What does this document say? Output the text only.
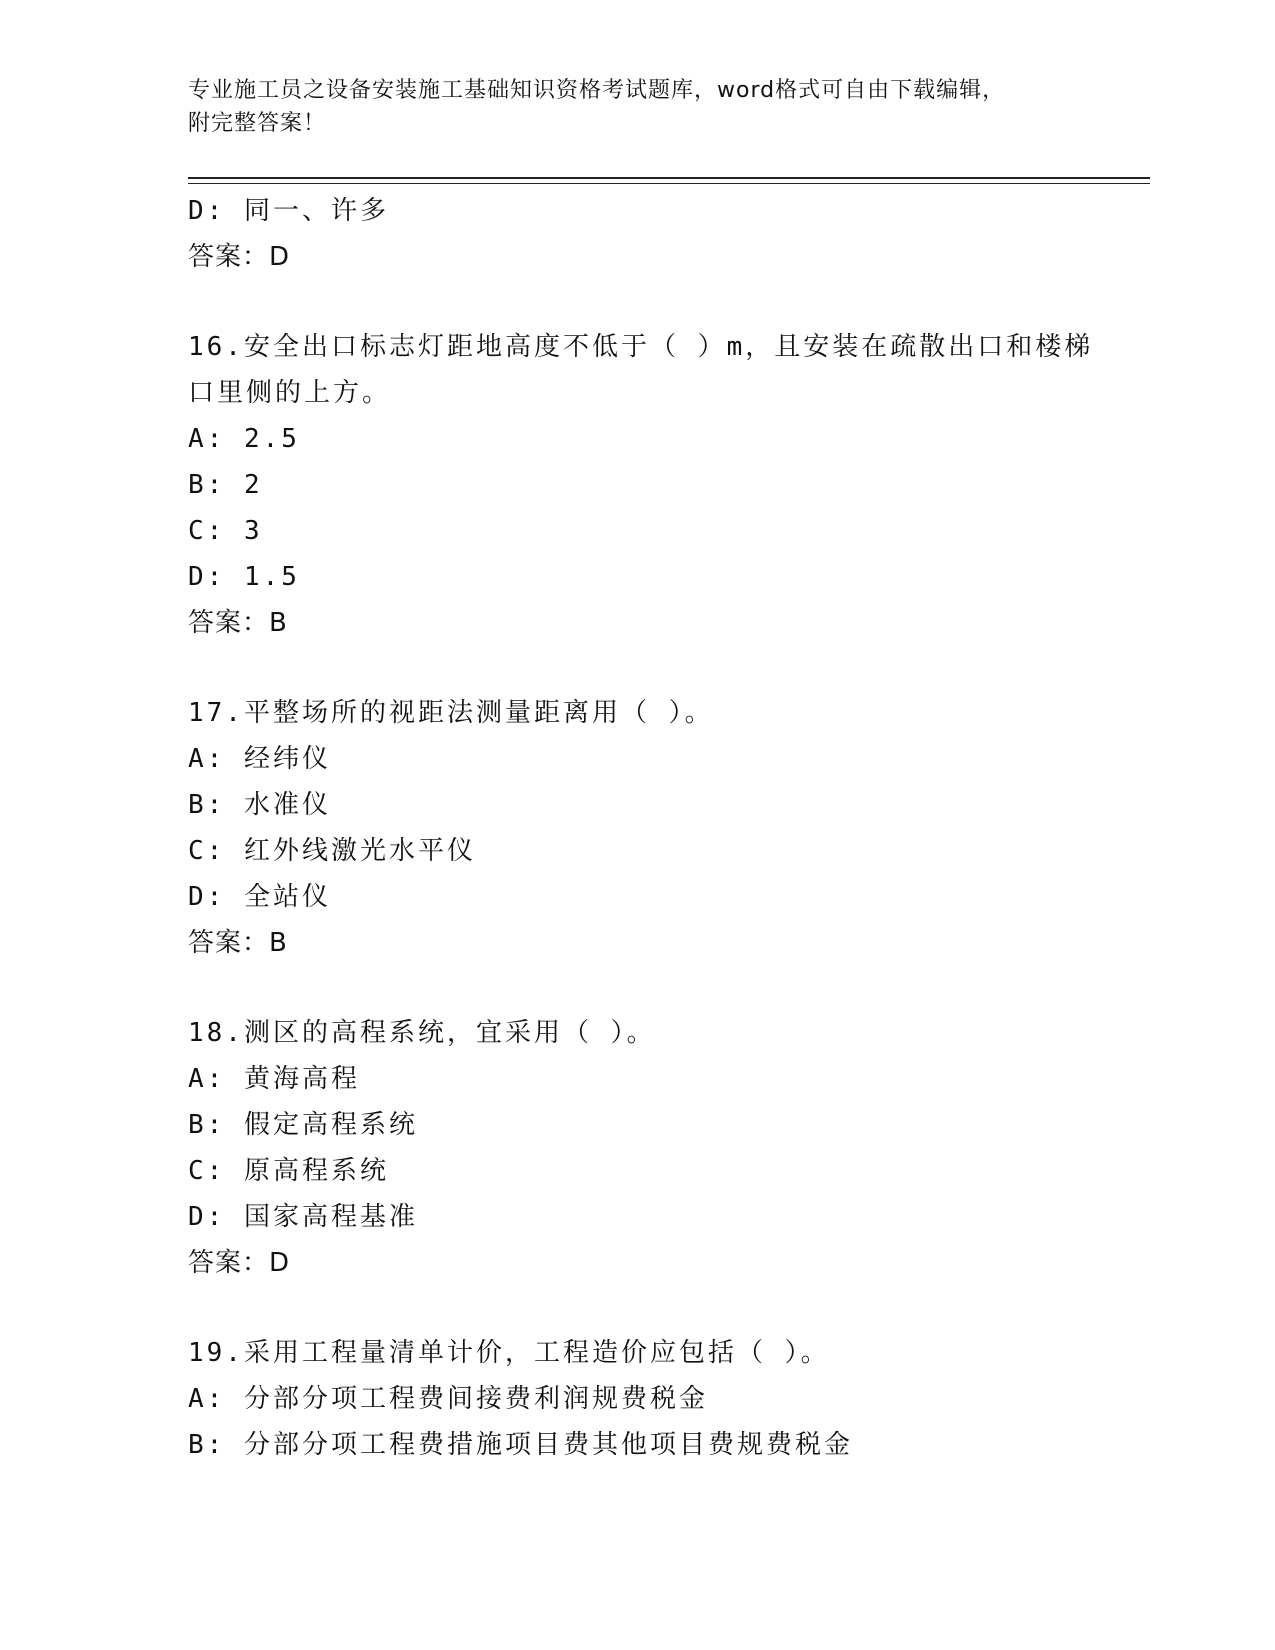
专业施工员之设备安装施工基础知识资格考试题库，word格式可自由下载编辑，
附完整答案！
D: 同一、许多
答案：D
16.安全出口标志灯距地高度不低于（ ）m，且安装在疏散出口和楼梯
口里侧的上方。
A: 2.5
B: 2
C: 3
D: 1.5
答案：B
17.平整场所的视距法测量距离用（ ）。
A: 经纬仪
B: 水准仪
C: 红外线激光水平仪
D: 全站仪
答案：B
18.测区的高程系统，宜采用（ ）。
A: 黄海高程
B: 假定高程系统
C: 原高程系统
D: 国家高程基准
答案：D
19.采用工程量清单计价，工程造价应包括（ ）。
A: 分部分项工程费间接费利润规费税金
B: 分部分项工程费措施项目费其他项目费规费税金
